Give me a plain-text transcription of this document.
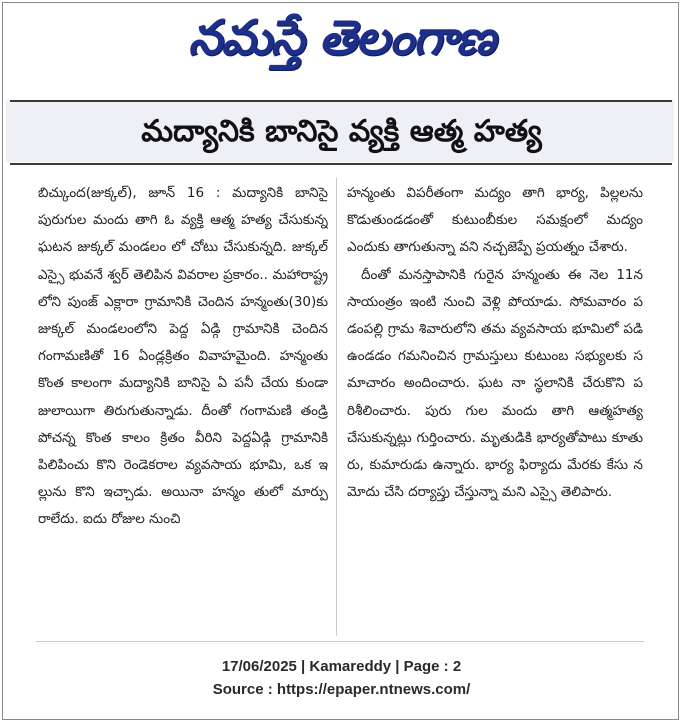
నమస్తే తెలంగాణ
మద్యానికి బానిసై వ్యక్తి ఆత్మ హత్య

బిచ్కుంద(జుక్కల్), జూన్ 16 : మద్యానికి బానిసై పురుగుల మందు తాగి ఓ వ్యక్తి ఆత్మ హత్య చేసుకున్న ఘటన జుక్కల్ మండలం లో చోటు చేసుకున్నది. జుక్కల్ ఎస్సై భువనే శ్వర్ తెలిపిన వివరాల ప్రకారం.. మహారాష్ట్ర లోని పుంజ్ ఎక్లారా గ్రామానికి చెందిన హన్మంతు(30)కు జుక్కల్ మండలంలోని పెద్ద ఏడ్గి గ్రామానికి చెందిన గంగామణితో 16 ఏండ్లక్రితం వివాహమైంది. హన్మంతు కొంత కాలంగా మద్యానికి బానిసై ఏ పనీ చేయ కుండా జులాయిగా తిరుగుతున్నాడు. దీంతో గంగామణి తండ్రి పోచన్న కొంత కాలం క్రితం వీరిని పెద్దఏడ్గి గ్రామానికి పిలిపించు కొని రెండెకరాల వ్యవసాయ భూమి, ఒక ఇల్లును కొని ఇచ్చాడు. అయినా హన్మం తులో మార్పు రాలేదు. ఐదు రోజుల నుంచి

హన్మంతు విపరీతంగా మద్యం తాగి భార్య, పిల్లలను కొడుతుండడంతో కుటుంబీకుల సమక్షంలో మద్యం ఎందుకు తాగుతున్నా వని నచ్చజెప్పే ప్రయత్నం చేశారు.

దీంతో మనస్తాపానికి గురైన హన్మంతు ఈ నెల 11న సాయంత్రం ఇంటి నుంచి వెళ్లి పోయాడు. సోమవారం పడంపల్లి గ్రామ శివారులోని తమ వ్యవసాయ భూమిలో పడి ఉండడం గమనించిన గ్రామస్తులు కుటుంబ సభ్యులకు సమాచారం అందించారు. ఘట నా స్థలానికి చేరుకొని పరిశీలించారు. పురు గుల మందు తాగి ఆత్మహత్య చేసుకున్నట్లు గుర్తించారు. మృతుడికి భార్యతోపాటు కూతు రు, కుమారుడు ఉన్నారు. భార్య ఫిర్యాదు మేరకు కేసు నమోదు చేసి దర్యాప్తు చేస్తున్నా మని ఎస్సై తెలిపారు.

17/06/2025 | Kamareddy | Page : 2
Source : https://epaper.ntnews.com/
